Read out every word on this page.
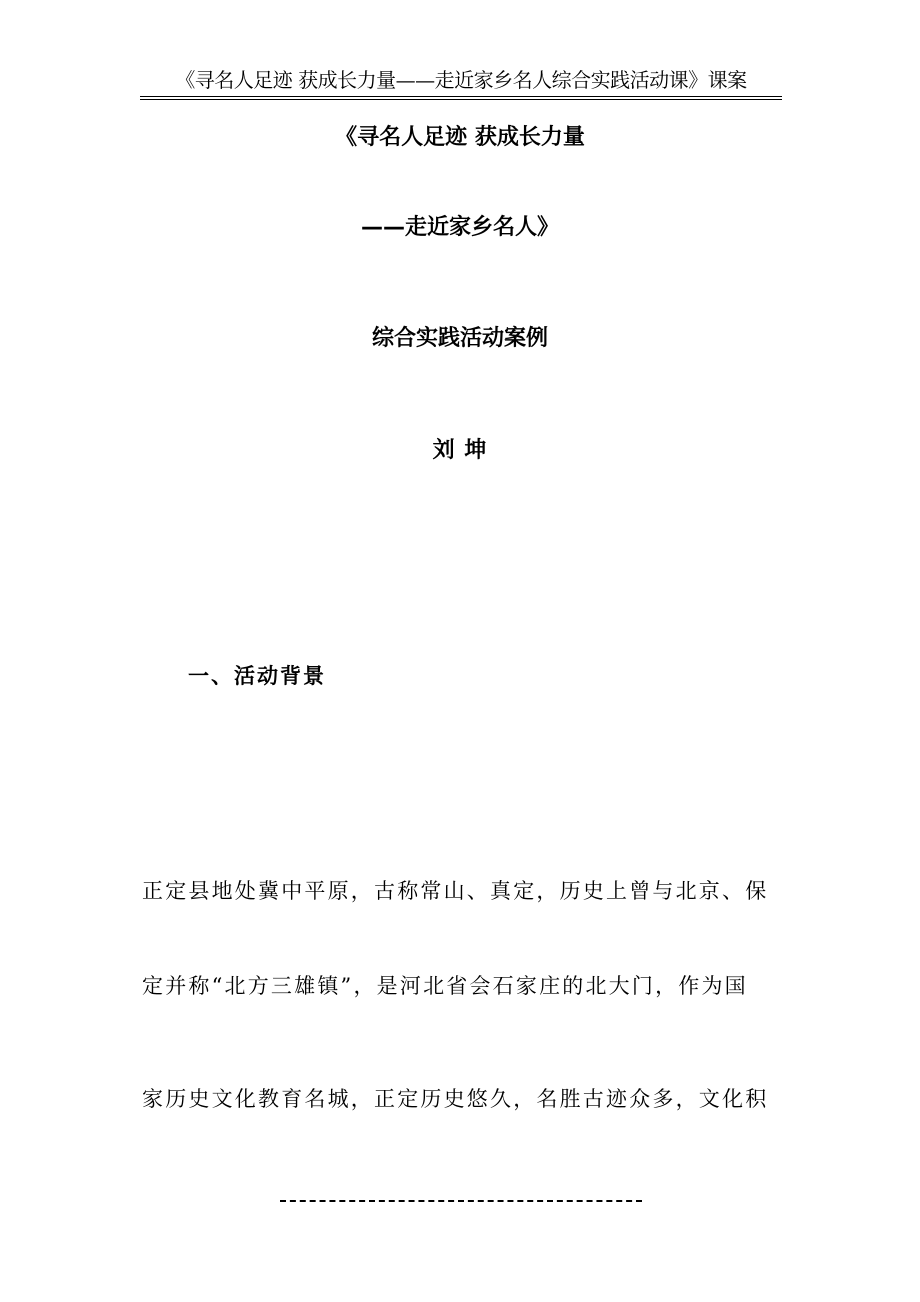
《寻名人足迹 获成长力量——走近家乡名人综合实践活动课》课案
《寻名人足迹 获成长力量
——走近家乡名人》
综合实践活动案例
刘 坤
一、活动背景
正定县地处冀中平原，古称常山、真定，历史上曾与北京、保
定并称“北方三雄镇”，是河北省会石家庄的北大门，作为国
家历史文化教育名城，正定历史悠久，名胜古迹众多，文化积
